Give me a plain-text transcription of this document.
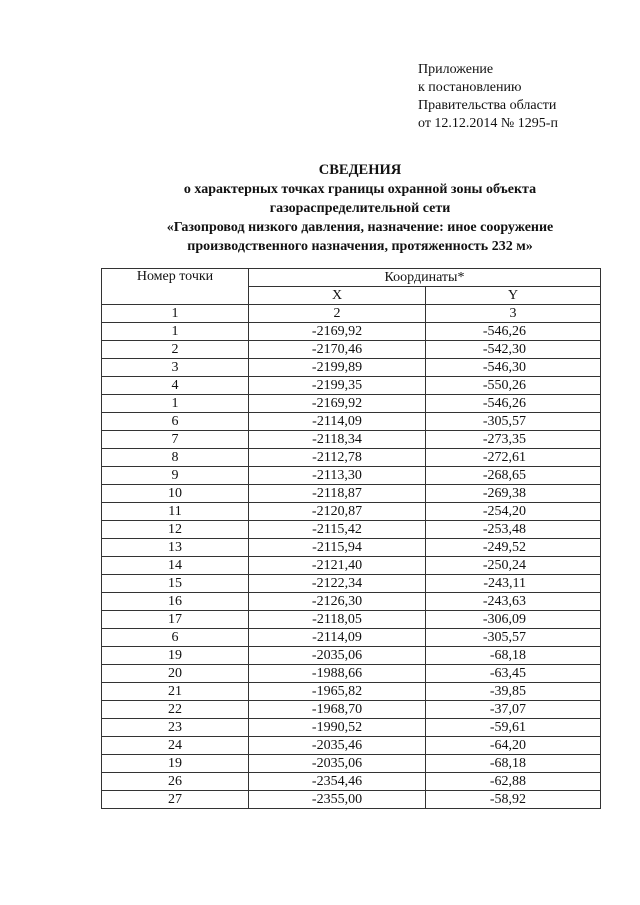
Приложение
к постановлению
Правительства области
от 12.12.2014 № 1295-п
СВЕДЕНИЯ
о характерных точках границы охранной зоны объекта
газораспределительной сети
«Газопровод низкого давления, назначение: иное сооружение
производственного назначения, протяженность 232 м»
Номер точки	Координаты*	
	X	Y
1	2	3
1	-2169,92	-546,26
2	-2170,46	-542,30
3	-2199,89	-546,30
4	-2199,35	-550,26
1	-2169,92	-546,26
6	-2114,09	-305,57
7	-2118,34	-273,35
8	-2112,78	-272,61
9	-2113,30	-268,65
10	-2118,87	-269,38
11	-2120,87	-254,20
12	-2115,42	-253,48
13	-2115,94	-249,52
14	-2121,40	-250,24
15	-2122,34	-243,11
16	-2126,30	-243,63
17	-2118,05	-306,09
6	-2114,09	-305,57
19	-2035,06	-68,18
20	-1988,66	-63,45
21	-1965,82	-39,85
22	-1968,70	-37,07
23	-1990,52	-59,61
24	-2035,46	-64,20
19	-2035,06	-68,18
26	-2354,46	-62,88
27	-2355,00	-58,92
